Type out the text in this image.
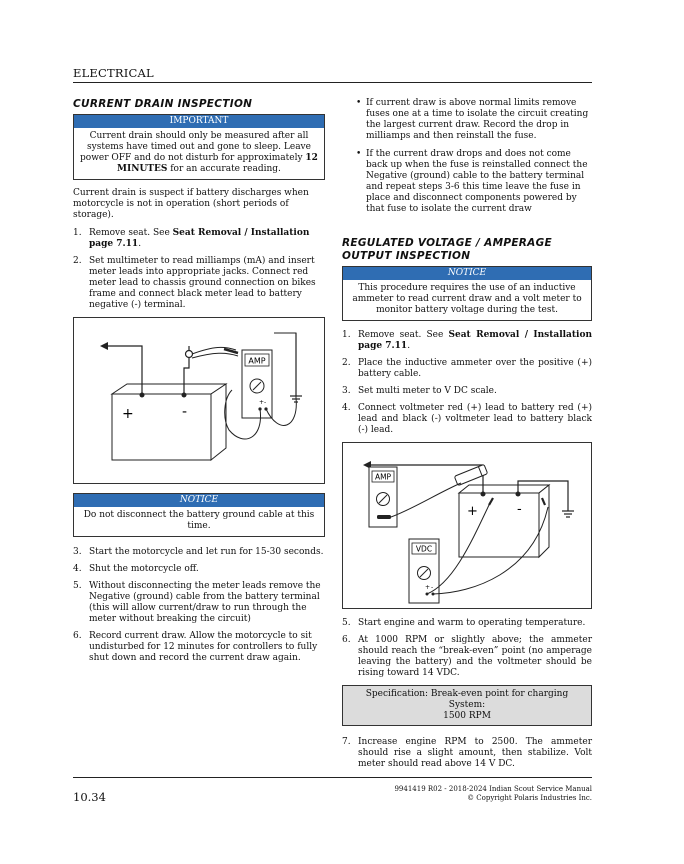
ELECTRICAL
CURRENT DRAIN INSPECTION
IMPORTANT
Current drain should only be measured after all systems have timed out and gone to sleep. Leave power OFF and do not disturb for approximately 12 MINUTES for an accurate reading.

Current drain is suspect if battery discharges when motorcycle is not in operation (short periods of storage).

1. Remove seat. See Seat Removal / Installation page 7.11.
2. Set multimeter to read milliamps (mA) and insert meter leads into appropriate jacks. Connect red meter lead to chassis ground connection on bikes frame and connect black meter lead to battery negative (-) terminal.
+	-
AMP
+ -
NOTICE
Do not disconnect the battery ground cable at this time.
3. Start the motorcycle and let run for 15-30 seconds.
4. Shut the motorcycle off.
5. Without disconnecting the meter leads remove the Negative (ground) cable from the battery terminal (this will allow current/draw to run through the meter without breaking the circuit)
6. Record current draw. Allow the motorcycle to sit undisturbed for 12 minutes for controllers to fully shut down and record the current draw again.
• If current draw is above normal limits remove fuses one at a time to isolate the circuit creating the largest current draw. Record the drop in milliamps and then reinstall the fuse.
• If the current draw drops and does not come back up when the fuse is reinstalled connect the Negative (ground) cable to the battery terminal and repeat steps 3-6 this time leave the fuse in place and disconnect components powered by that fuse to isolate the current draw
REGULATED VOLTAGE / AMPERAGE OUTPUT INSPECTION
NOTICE
This procedure requires the use of an inductive ammeter to read current draw and a volt meter to monitor battery voltage during the test.
1. Remove seat. See Seat Removal / Installation page 7.11.
2. Place the inductive ammeter over the positive (+) battery cable.
3. Set multi meter to V DC scale.
4. Connect voltmeter red (+) lead to battery red (+) lead and black (-) voltmeter lead to battery black (-) lead.
+	-
AMP
VDC
+ -
5. Start engine and warm to operating temperature.
6. At 1000 RPM or slightly above; the ammeter should reach the “break-even” point (no amperage leaving the battery) and the voltmeter should be rising toward 14 VDC.
Specification: Break-even point for charging System:
1500 RPM
7. Increase engine RPM to 2500. The ammeter should rise a slight amount, then stabilize. Volt meter should read above 14 V DC.
10.34
9941419 R02 - 2018-2024 Indian Scout Service Manual
© Copyright Polaris Industries Inc.
